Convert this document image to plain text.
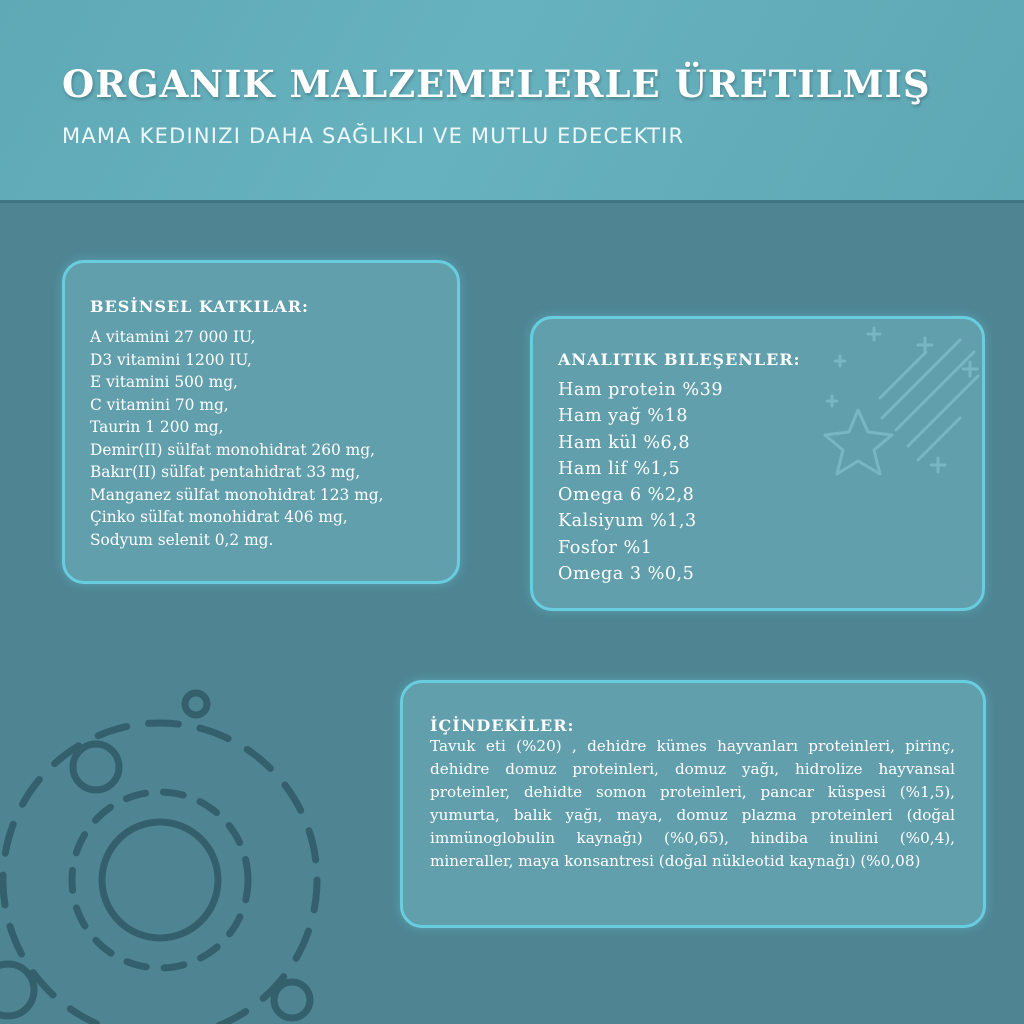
ORGANIK MALZEMELERLE ÜRETILMIŞ

MAMA KEDINIZI DAHA SAĞLIKLI VE MUTLU EDECEKTIR

BESİNSEL KATKILAR:
A vitamini 27 000 IU,
D3 vitamini 1200 IU,
E vitamini 500 mg,
C vitamini 70 mg,
Taurin 1 200 mg,
Demir(II) sülfat monohidrat 260 mg,
Bakır(II) sülfat pentahidrat 33 mg,
Manganez sülfat monohidrat 123 mg,
Çinko sülfat monohidrat 406 mg,
Sodyum selenit 0,2 mg.
ANALITIK BILEŞENLER:
Ham protein %39
Ham yağ %18
Ham kül %6,8
Ham lif %1,5
Omega 6 %2,8
Kalsiyum %1,3
Fosfor %1
Omega 3 %0,5
İÇİNDEKİLER:

Tavuk eti (%20) , dehidre kümes hayvanları proteinleri, pirinç, dehidre domuz proteinleri, domuz yağı, hidrolize hayvansal proteinler, dehidte somon proteinleri, pancar küspesi (%1,5), yumurta, balık yağı, maya, domuz plazma proteinleri (doğal immünoglobulin kaynağı) (%0,65), hindiba inulini (%0,4), mineraller, maya konsantresi (doğal nükleotid kaynağı) (%0,08)
